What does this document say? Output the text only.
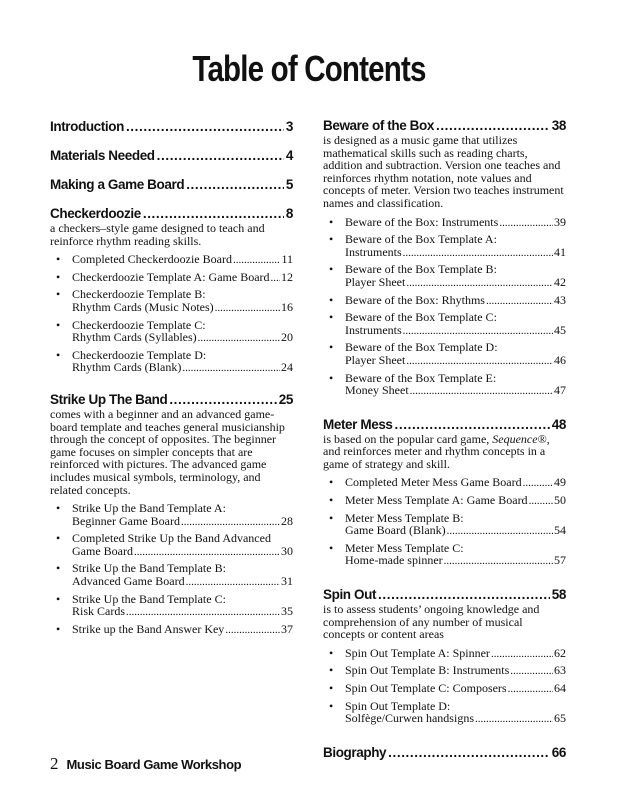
Table of Contents
Introduction .....	3
Materials Needed .....	4
Making a Game Board .....	5
Checkerdoozie .....	8

a checkers–style game designed to teach and reinforce rhythm reading skills.

• Completed Checkerdoozie Board .....	11
• Checkerdoozie Template A: Game Board ..... 12
• Checkerdoozie Template B:
Rhythm Cards (Music Notes) .....	16
• Checkerdoozie Template C:
Rhythm Cards (Syllables) .....	20
• Checkerdoozie Template D:
Rhythm Cards (Blank) .....	24
Strike Up The Band .....	25

comes with a beginner and an advanced game-board template and teaches general musicianship through the concept of opposites. The beginner game focuses on simpler concepts that are reinforced with pictures. The advanced game includes musical symbols, terminology, and related concepts.

• Strike Up the Band Template A:
Beginner Game Board .....	28
• Completed Strike Up the Band Advanced
Game Board .....	30
• Strike Up the Band Template B:
Advanced Game Board .....	31
• Strike Up the Band Template C:
Risk Cards .....	35
• Strike up the Band Answer Key .....	37
Beware of the Box .....	38

is designed as a music game that utilizes mathematical skills such as reading charts, addition and subtraction. Version one teaches and reinforces rhythm notation, note values and concepts of meter. Version two teaches instrument names and classification.

• Beware of the Box: Instruments .....	39
• Beware of the Box Template A:
Instruments .....	41
• Beware of the Box Template B:
Player Sheet .....	42
• Beware of the Box: Rhythms .....	43
• Beware of the Box Template C:
Instruments .....	45
• Beware of the Box Template D:
Player Sheet .....	46
• Beware of the Box Template E:
Money Sheet .....	47
Meter Mess .....	48

is based on the popular card game, Sequence®, and reinforces meter and rhythm concepts in a game of strategy and skill.

• Completed Meter Mess Game Board .....	49
• Meter Mess Template A: Game Board ..... 50
• Meter Mess Template B:
Game Board (Blank) .....	54
• Meter Mess Template C:
Home-made spinner .....	57
Spin Out .....	58

is to assess students’ ongoing knowledge and comprehension of any number of musical concepts or content areas

• Spin Out Template A: Spinner .....	62
• Spin Out Template B: Instruments .....	63
• Spin Out Template C: Composers .....	64
• Spin Out Template D:
Solfège/Curwen handsigns .....	65
Biography .....	66
2 Music Board Game Workshop
